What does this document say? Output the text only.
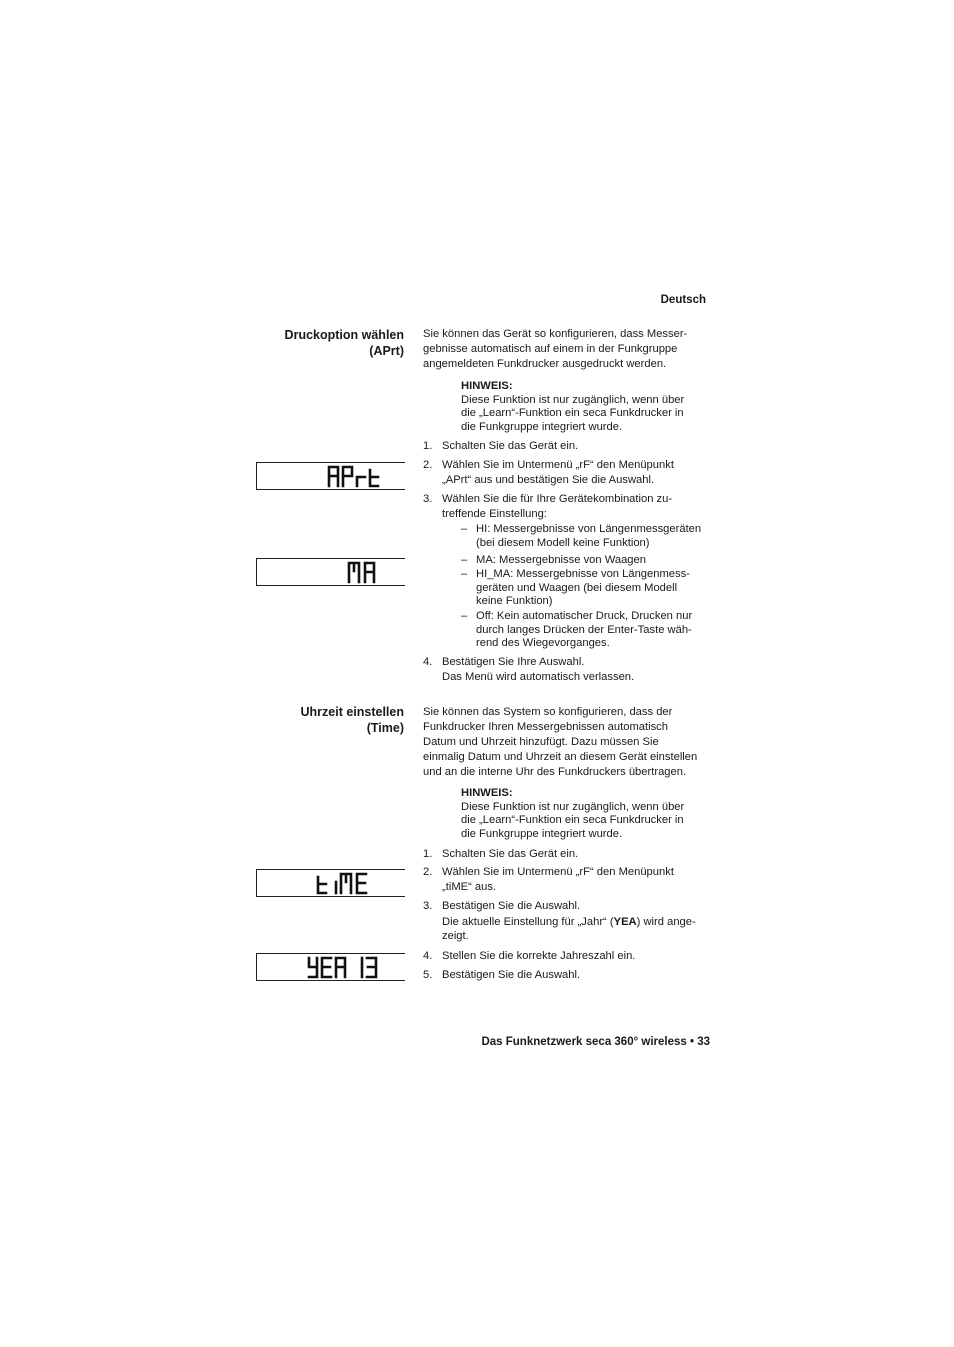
Deutsch
Druckoption wählen
(APrt)
Sie können das Gerät so konfigurieren, dass Messer-
gebnisse automatisch auf einem in der Funkgruppe
angemeldeten Funkdrucker ausgedruckt werden.
HINWEIS:
Diese Funktion ist nur zugänglich, wenn über
die „Learn“-Funktion ein seca Funkdrucker in
die Funkgruppe integriert wurde.
1. Schalten Sie das Gerät ein.
2. Wählen Sie im Untermenü „rF“ den Menüpunkt
„APrt“ aus und bestätigen Sie die Auswahl.
3. Wählen Sie die für Ihre Gerätekombination zu-
treffende Einstellung:
– HI: Messergebnisse von Längenmessgeräten
(bei diesem Modell keine Funktion)
– MA: Messergebnisse von Waagen
– HI_MA: Messergebnisse von Längenmess-
geräten und Waagen (bei diesem Modell
keine Funktion)
– Off: Kein automatischer Druck, Drucken nur
durch langes Drücken der Enter-Taste wäh-
rend des Wiegevorganges.
4. Bestätigen Sie Ihre Auswahl.
Das Menü wird automatisch verlassen.
Uhrzeit einstellen
(Time)
Sie können das System so konfigurieren, dass der
Funkdrucker Ihren Messergebnissen automatisch
Datum und Uhrzeit hinzufügt. Dazu müssen Sie
einmalig Datum und Uhrzeit an diesem Gerät einstellen
und an die interne Uhr des Funkdruckers übertragen.
HINWEIS:
Diese Funktion ist nur zugänglich, wenn über
die „Learn“-Funktion ein seca Funkdrucker in
die Funkgruppe integriert wurde.
1. Schalten Sie das Gerät ein.
2. Wählen Sie im Untermenü „rF“ den Menüpunkt
„tiME“ aus.
3. Bestätigen Sie die Auswahl.
Die aktuelle Einstellung für „Jahr“ (YEA) wird ange-
zeigt.
4. Stellen Sie die korrekte Jahreszahl ein.
5. Bestätigen Sie die Auswahl.
Das Funknetzwerk seca 360° wireless • 33
